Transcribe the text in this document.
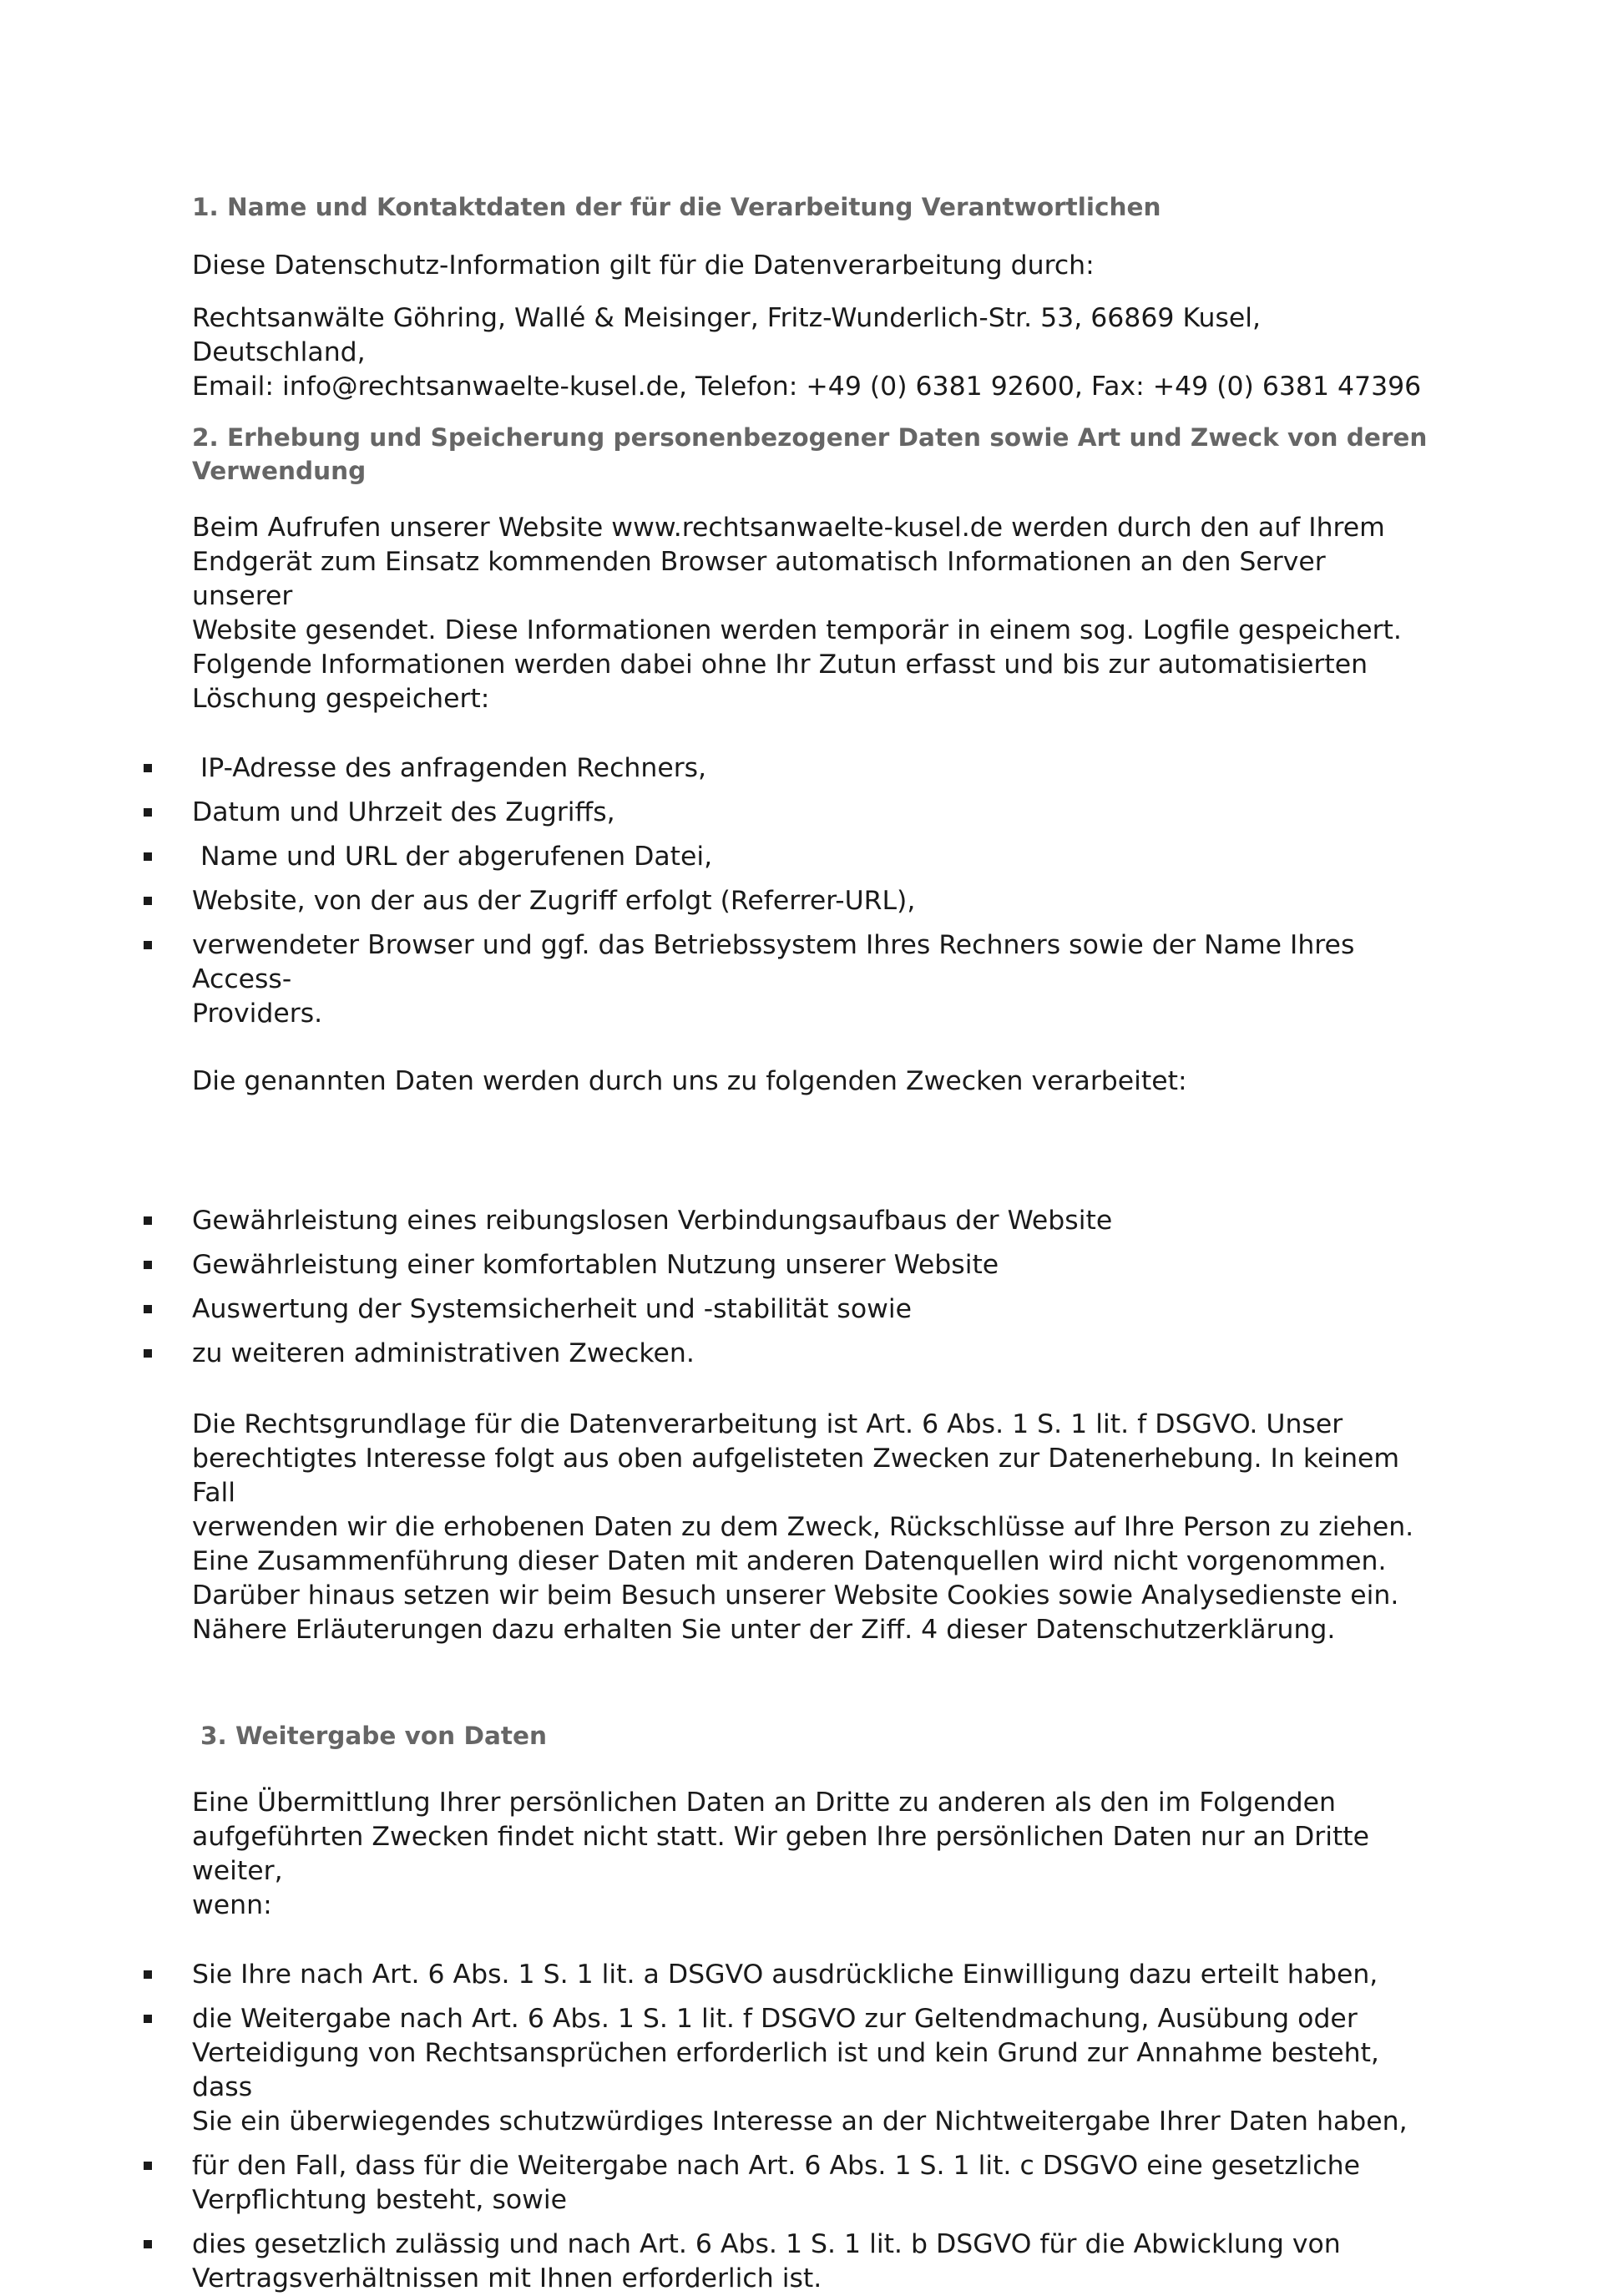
1. Name und Kontaktdaten der für die Verarbeitung Verantwortlichen

Diese Datenschutz-Information gilt für die Datenverarbeitung durch:

Rechtsanwälte Göhring, Wallé & Meisinger, Fritz-Wunderlich-Str. 53, 66869 Kusel, Deutschland,

Email: info@rechtsanwaelte-kusel.de, Telefon: +49 (0) 6381 92600, Fax: +49 (0) 6381 47396

2. Erhebung und Speicherung personenbezogener Daten sowie Art und Zweck von deren
Verwendung

Beim Aufrufen unserer Website www.rechtsanwaelte-kusel.de werden durch den auf Ihrem

Endgerät zum Einsatz kommenden Browser automatisch Informationen an den Server unserer

Website gesendet. Diese Informationen werden temporär in einem sog. Logfile gespeichert.

Folgende Informationen werden dabei ohne Ihr Zutun erfasst und bis zur automatisierten

Löschung gespeichert:

IP-Adresse des anfragenden Rechners,
Datum und Uhrzeit des Zugriffs,
Name und URL der abgerufenen Datei,
Website, von der aus der Zugriff erfolgt (Referrer-URL),
verwendeter Browser und ggf. das Betriebssystem Ihres Rechners sowie der Name Ihres Access-
Providers.

Die genannten Daten werden durch uns zu folgenden Zwecken verarbeitet:

Gewährleistung eines reibungslosen Verbindungsaufbaus der Website
Gewährleistung einer komfortablen Nutzung unserer Website
Auswertung der Systemsicherheit und -stabilität sowie
zu weiteren administrativen Zwecken.

Die Rechtsgrundlage für die Datenverarbeitung ist Art. 6 Abs. 1 S. 1 lit. f DSGVO. Unser

berechtigtes Interesse folgt aus oben aufgelisteten Zwecken zur Datenerhebung. In keinem Fall

verwenden wir die erhobenen Daten zu dem Zweck, Rückschlüsse auf Ihre Person zu ziehen.

Eine Zusammenführung dieser Daten mit anderen Datenquellen wird nicht vorgenommen.

Darüber hinaus setzen wir beim Besuch unserer Website Cookies sowie Analysedienste ein.

Nähere Erläuterungen dazu erhalten Sie unter der Ziff. 4 dieser Datenschutzerklärung.

3. Weitergabe von Daten

Eine Übermittlung Ihrer persönlichen Daten an Dritte zu anderen als den im Folgenden

aufgeführten Zwecken findet nicht statt. Wir geben Ihre persönlichen Daten nur an Dritte weiter,

wenn:

Sie Ihre nach Art. 6 Abs. 1 S. 1 lit. a DSGVO ausdrückliche Einwilligung dazu erteilt haben,
die Weitergabe nach Art. 6 Abs. 1 S. 1 lit. f DSGVO zur Geltendmachung, Ausübung oder
Verteidigung von Rechtsansprüchen erforderlich ist und kein Grund zur Annahme besteht, dass
Sie ein überwiegendes schutzwürdiges Interesse an der Nichtweitergabe Ihrer Daten haben,
für den Fall, dass für die Weitergabe nach Art. 6 Abs. 1 S. 1 lit. c DSGVO eine gesetzliche
Verpflichtung besteht, sowie
dies gesetzlich zulässig und nach Art. 6 Abs. 1 S. 1 lit. b DSGVO für die Abwicklung von
Vertragsverhältnissen mit Ihnen erforderlich ist.
